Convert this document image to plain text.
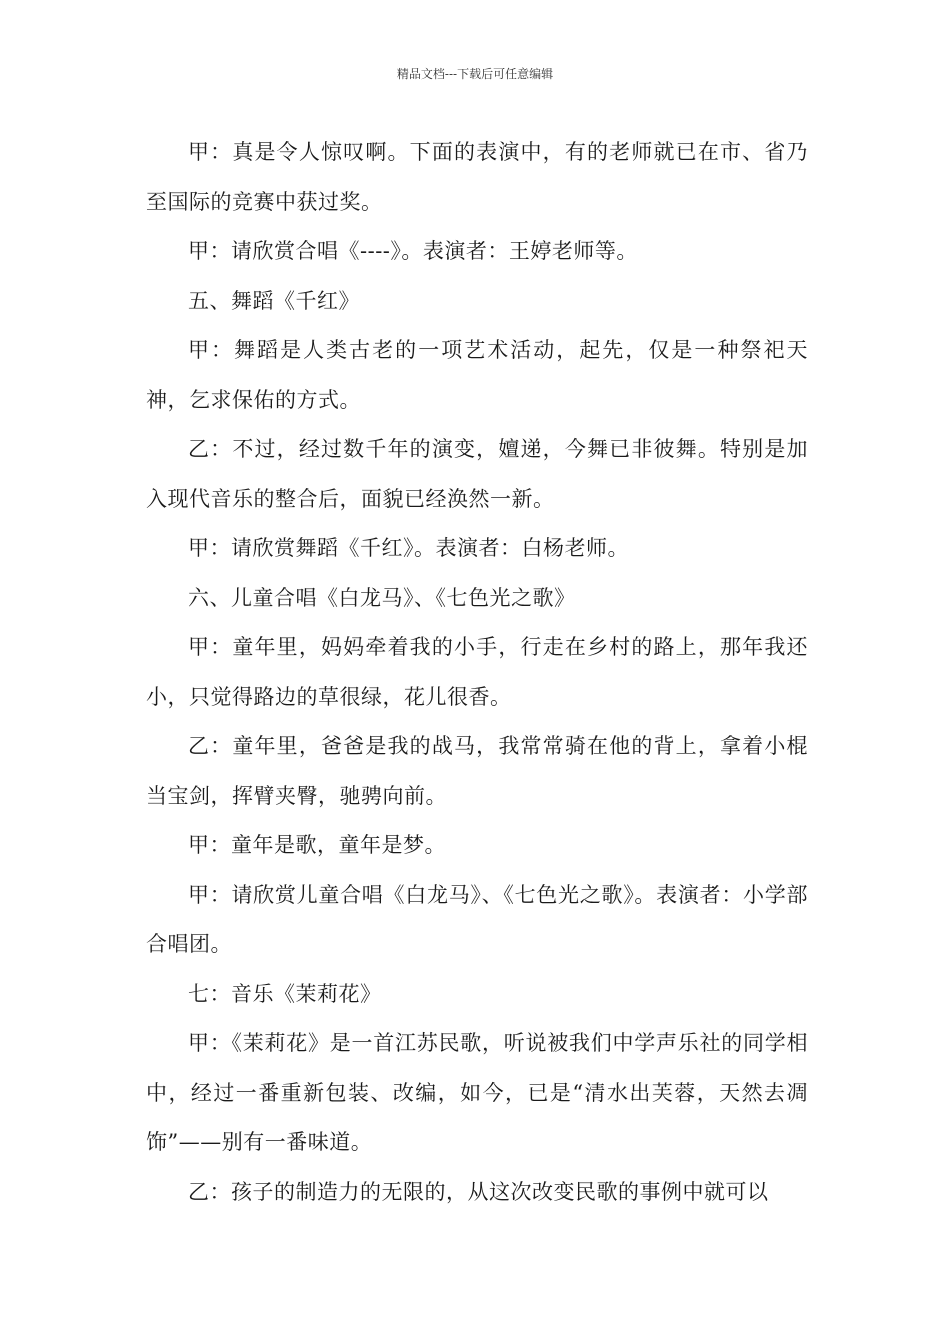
精品文档---下载后可任意编辑

甲：真是令人惊叹啊。下面的表演中，有的老师就已在市、省乃至国际的竞赛中获过奖。

甲：请欣赏合唱《----》。表演者：王婷老师等。

五、舞蹈《千红》

甲：舞蹈是人类古老的一项艺术活动，起先，仅是一种祭祀天神，乞求保佑的方式。

乙：不过，经过数千年的演变，嬗递，今舞已非彼舞。特别是加入现代音乐的整合后，面貌已经涣然一新。

甲：请欣赏舞蹈《千红》。表演者：白杨老师。

六、儿童合唱《白龙马》、《七色光之歌》

甲：童年里，妈妈牵着我的小手，行走在乡村的路上，那年我还小，只觉得路边的草很绿，花儿很香。

乙：童年里，爸爸是我的战马，我常常骑在他的背上，拿着小棍当宝剑，挥臂夹臀，驰骋向前。

甲：童年是歌，童年是梦。

甲：请欣赏儿童合唱《白龙马》、《七色光之歌》。表演者：小学部合唱团。

七：音乐《茉莉花》

甲：《茉莉花》是一首江苏民歌，听说被我们中学声乐社的同学相中，经过一番重新包装、改编，如今，已是“清水出芙蓉，天然去凋饰”——别有一番味道。

乙：孩子的制造力的无限的，从这次改变民歌的事例中就可以
